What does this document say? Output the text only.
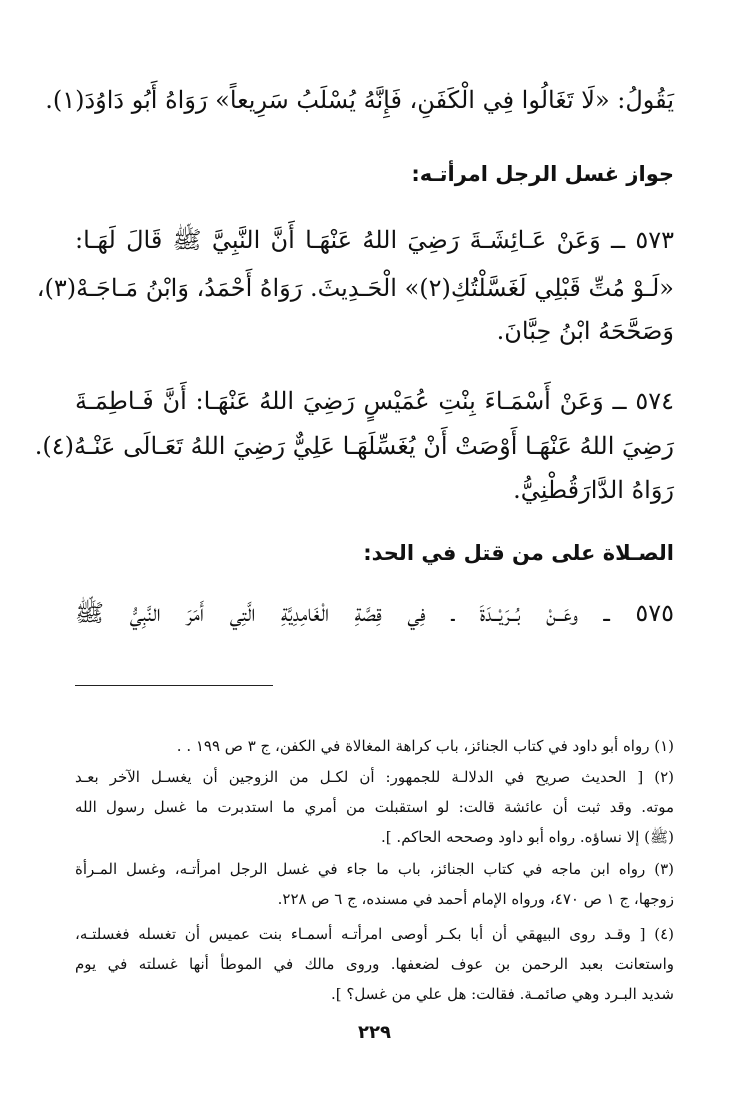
يَقُولُ: «لَا تَغَالُوا فِي الْكَفَنِ، فَإِنَّهُ يُسْلَبُ سَرِيعاً» رَوَاهُ أَبُو دَاوُدَ(١).
جواز غسل الرجل امرأتـه:
٥٧٣ ــ وَعَنْ عَـائِشَـةَ رَضِيَ اللهُ عَنْهَـا أَنَّ النَّبِيَّ ﷺ قَالَ لَهَـا:
«لَـوْ مُتِّ قَبْلِي لَغَسَّلْتُكِ(٢)» الْحَـدِيثَ. رَوَاهُ أَحْمَدُ، وَابْنُ مَـاجَـهْ(٣)،
وَصَحَّحَهُ ابْنُ حِبَّانَ.
٥٧٤ ــ وَعَنْ أَسْمَـاءَ بِنْتِ عُمَيْسٍ رَضِيَ اللهُ عَنْهَـا: أَنَّ فَـاطِمَـةَ
رَضِيَ اللهُ عَنْهَـا أَوْصَتْ أَنْ يُغَسِّلَهَـا عَلِيٌّ رَضِيَ اللهُ تَعَـالَى عَنْـهُ(٤).
رَوَاهُ الدَّارَقُطْنِيُّ.
الصـلاة على من قتل في الحد:
٥٧٥ ــ وعَــنْ بُــرَيْــدَةَ ـ فِي قِصَّةِ الْغَامِدِيَّةِ الَّتِي أَمَرَ النَّبِيُّ ﷺ
(١) رواه أبو داود في كتاب الجنائز، باب كراهة المغالاة في الكفن، ج ٣ ص ١٩٩ . .
(٢) [ الحديث صريح في الدلالـة للجمهور: أن لكـل من الزوجين أن يغسـل الآخر بعـد
موته. وقد ثبت أن عائشة قالت: لو استقبلت من أمري ما استدبرت ما غسل رسول الله
(ﷺ) إلا نساؤه. رواه أبو داود وصححه الحاكم. ].
(٣) رواه ابن ماجه في كتاب الجنائز، باب ما جاء في غسل الرجل امرأتـه، وغسل المـرأة
زوجها، ج ١ ص ٤٧٠، ورواه الإمام أحمد في مسنده، ج ٦ ص ٢٢٨.
(٤) [ وقـد روى البيهقي أن أبا بكـر أوصى امرأتـه أسمـاء بنت عميس أن تغسله فغسلتـه،
واستعانت بعبد الرحمن بن عوف لضعفها. وروى مالك في الموطأ أنها غسلته في يوم
شديد البـرد وهي صائمـة. فقالت: هل علي من غسل؟ ].
٢٢٩
